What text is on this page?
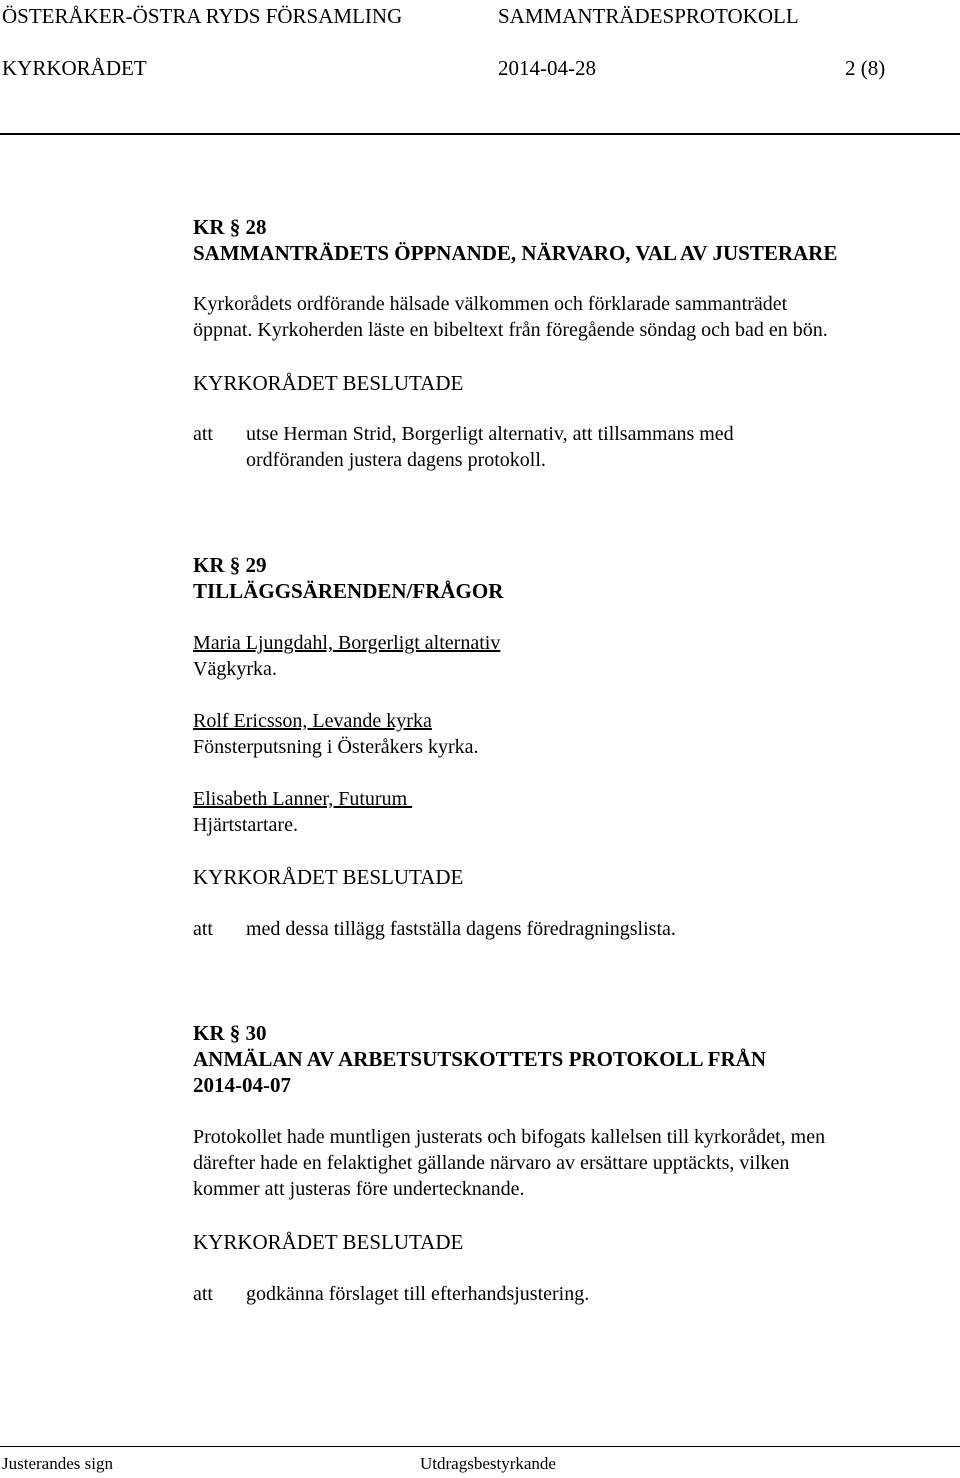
ÖSTERÅKER-ÖSTRA RYDS FÖRSAMLING	SAMMANTRÄDESPROTOKOLL
KYRKORÅDET	2014-04-28	2 (8)
KR § 28
SAMMANTRÄDETS ÖPPNANDE, NÄRVARO, VAL AV JUSTERARE
Kyrkorådets ordförande hälsade välkommen och förklarade sammanträdet
öppnat. Kyrkoherden läste en bibeltext från föregående söndag och bad en bön.
KYRKORÅDET BESLUTADE
att utse Herman Strid, Borgerligt alternativ, att tillsammans med
ordföranden justera dagens protokoll.
KR § 29
TILLÄGGSÄRENDEN/FRÅGOR
Maria Ljungdahl, Borgerligt alternativ
Vägkyrka.
Rolf Ericsson, Levande kyrka
Fönsterputsning i Österåkers kyrka.
Elisabeth Lanner, Futurum
Hjärtstartare.
KYRKORÅDET BESLUTADE
att med dessa tillägg fastställa dagens föredragningslista.
KR § 30
ANMÄLAN AV ARBETSUTSKOTTETS PROTOKOLL FRÅN
2014-04-07
Protokollet hade muntligen justerats och bifogats kallelsen till kyrkorådet, men
därefter hade en felaktighet gällande närvaro av ersättare upptäckts, vilken
kommer att justeras före undertecknande.
KYRKORÅDET BESLUTADE
att godkänna förslaget till efterhandsjustering.
Justerandes sign	Utdragsbestyrkande
